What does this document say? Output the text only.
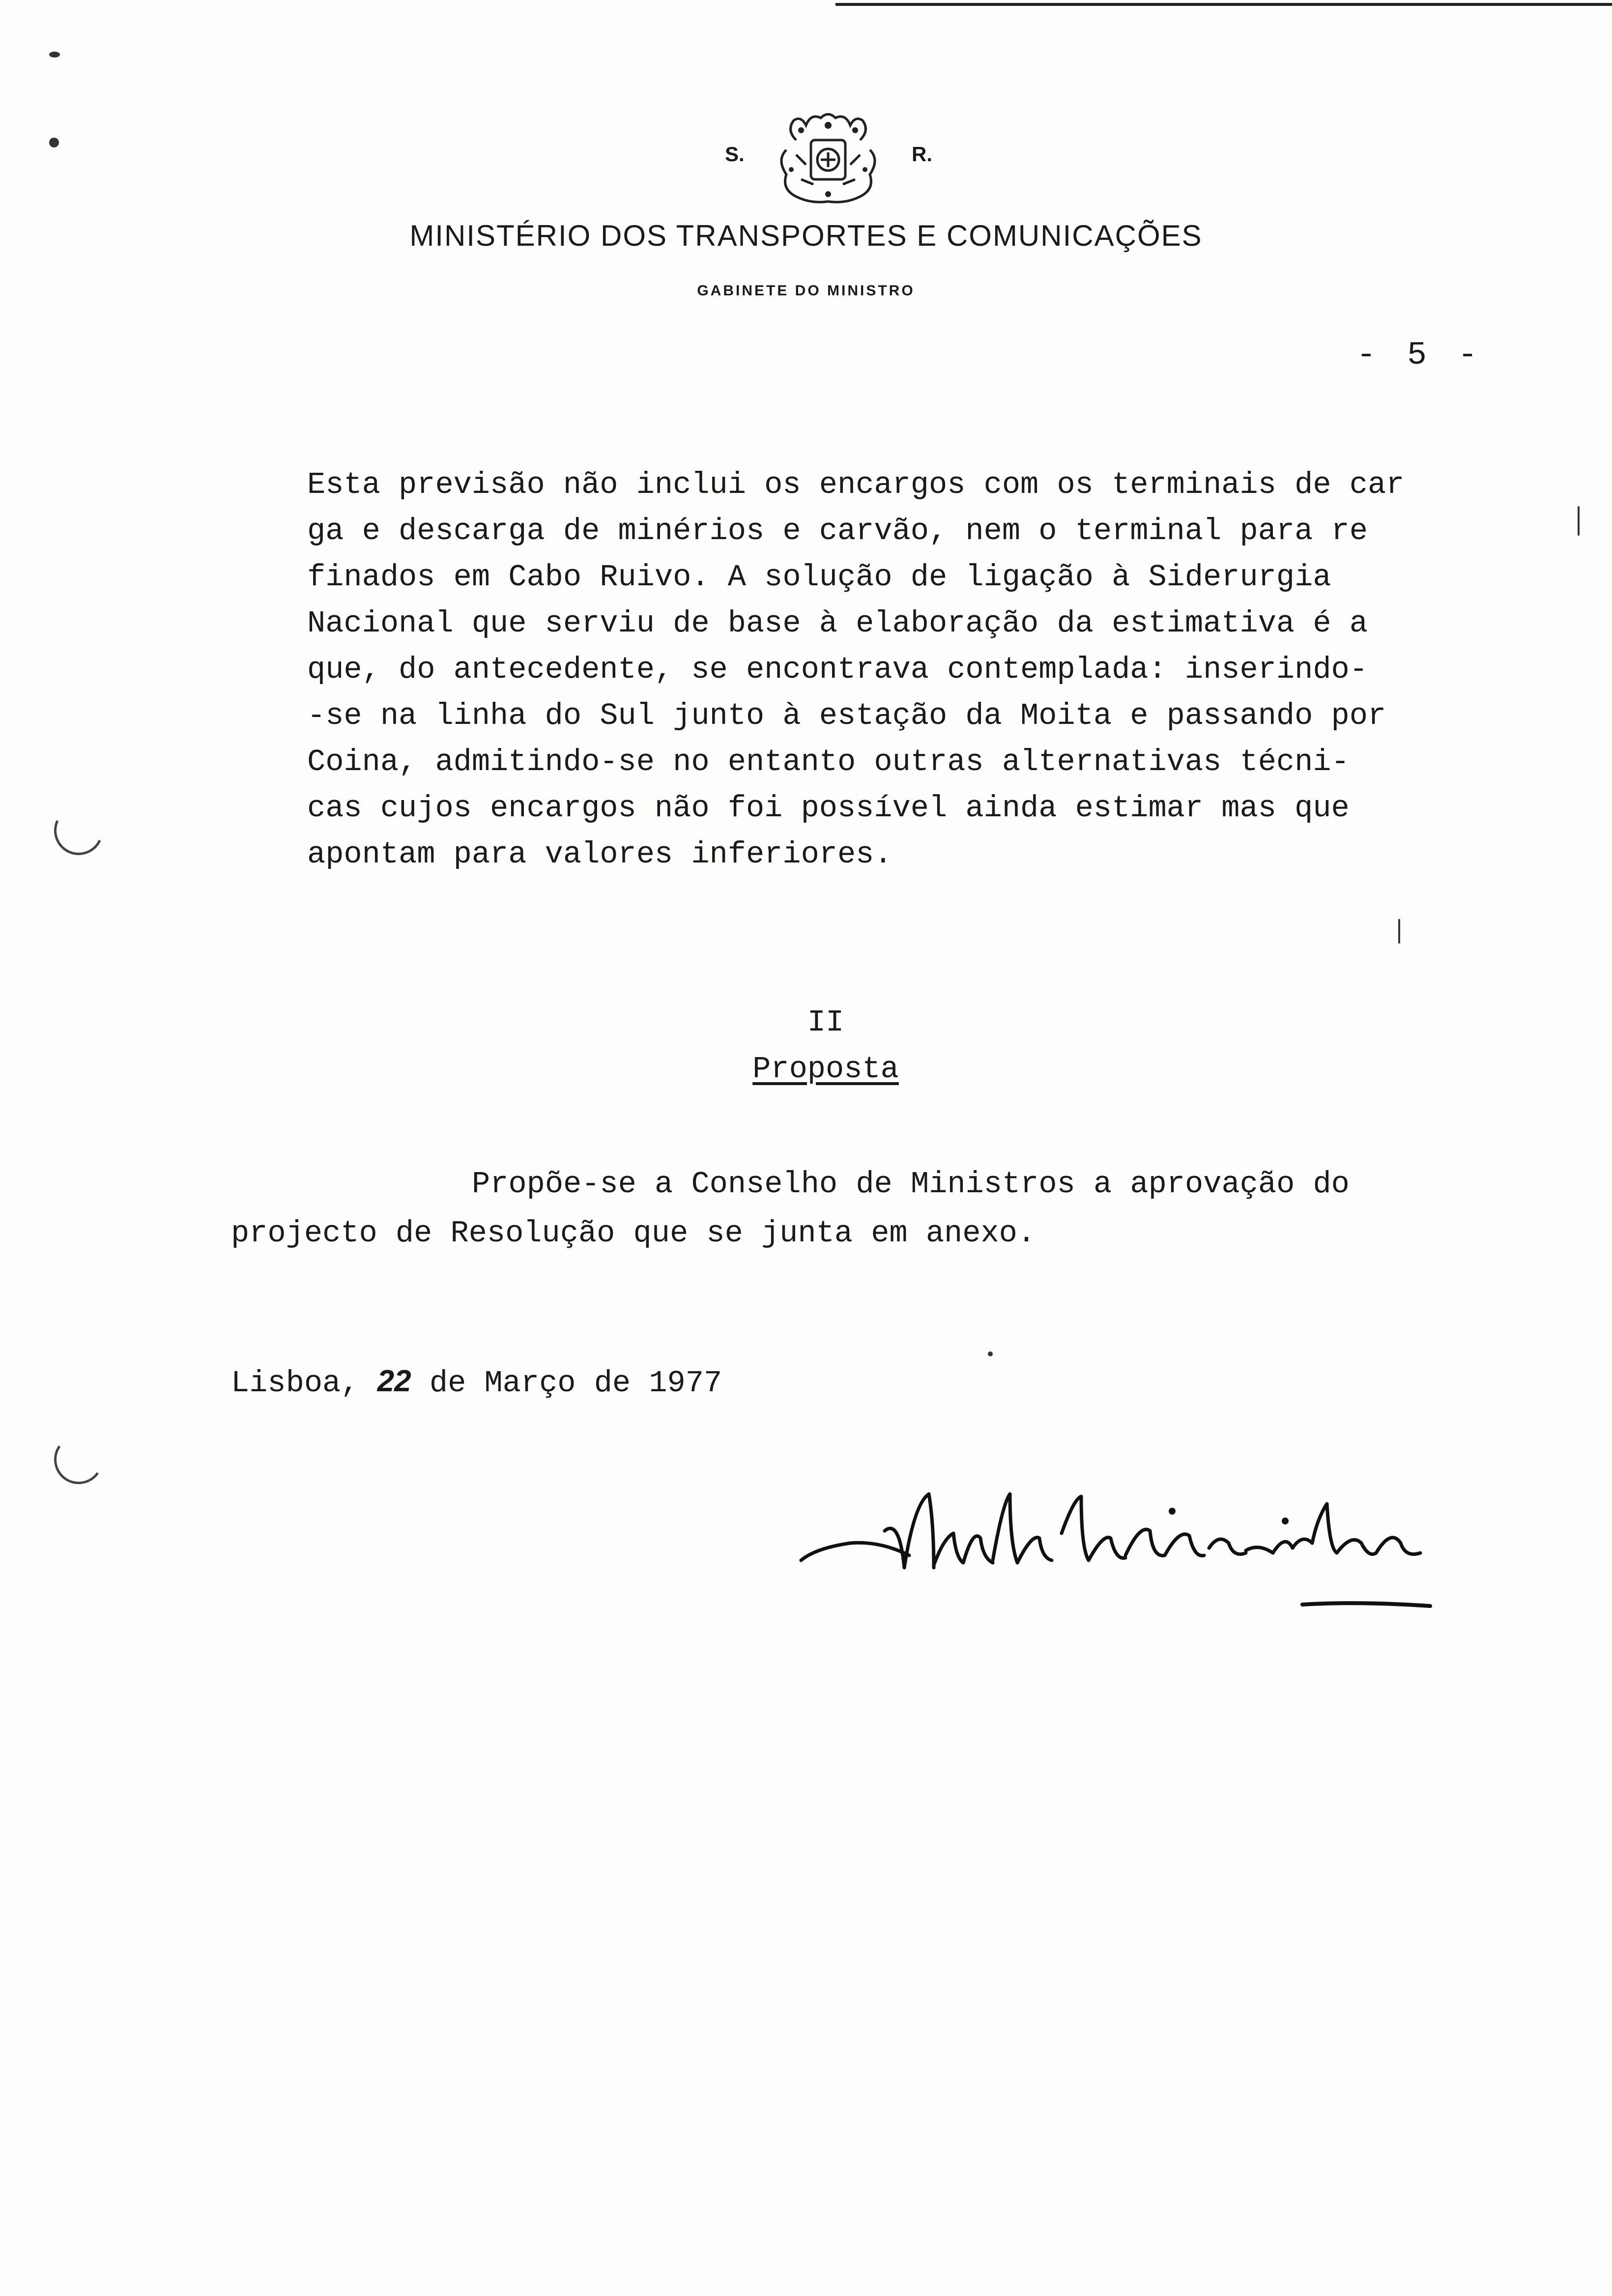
S.	R.
MINISTÉRIO DOS TRANSPORTES E COMUNICAÇÕES
GABINETE DO MINISTRO
- 5 -
Esta previsão não inclui os encargos com os terminais de car
ga e descarga de minérios e carvão, nem o terminal para re
finados em Cabo Ruivo. A solução de ligação à Siderurgia
Nacional que serviu de base à elaboração da estimativa é a
que, do antecedente, se encontrava contemplada: inserindo-
-se na linha do Sul junto à estação da Moita e passando por
Coina, admitindo-se no entanto outras alternativas técni-
cas cujos encargos não foi possível ainda estimar mas que
apontam para valores inferiores.
II
Proposta
Propõe-se a Conselho de Ministros a aprovação do
projecto de Resolução que se junta em anexo.
Lisboa, 22 de Março de 1977
